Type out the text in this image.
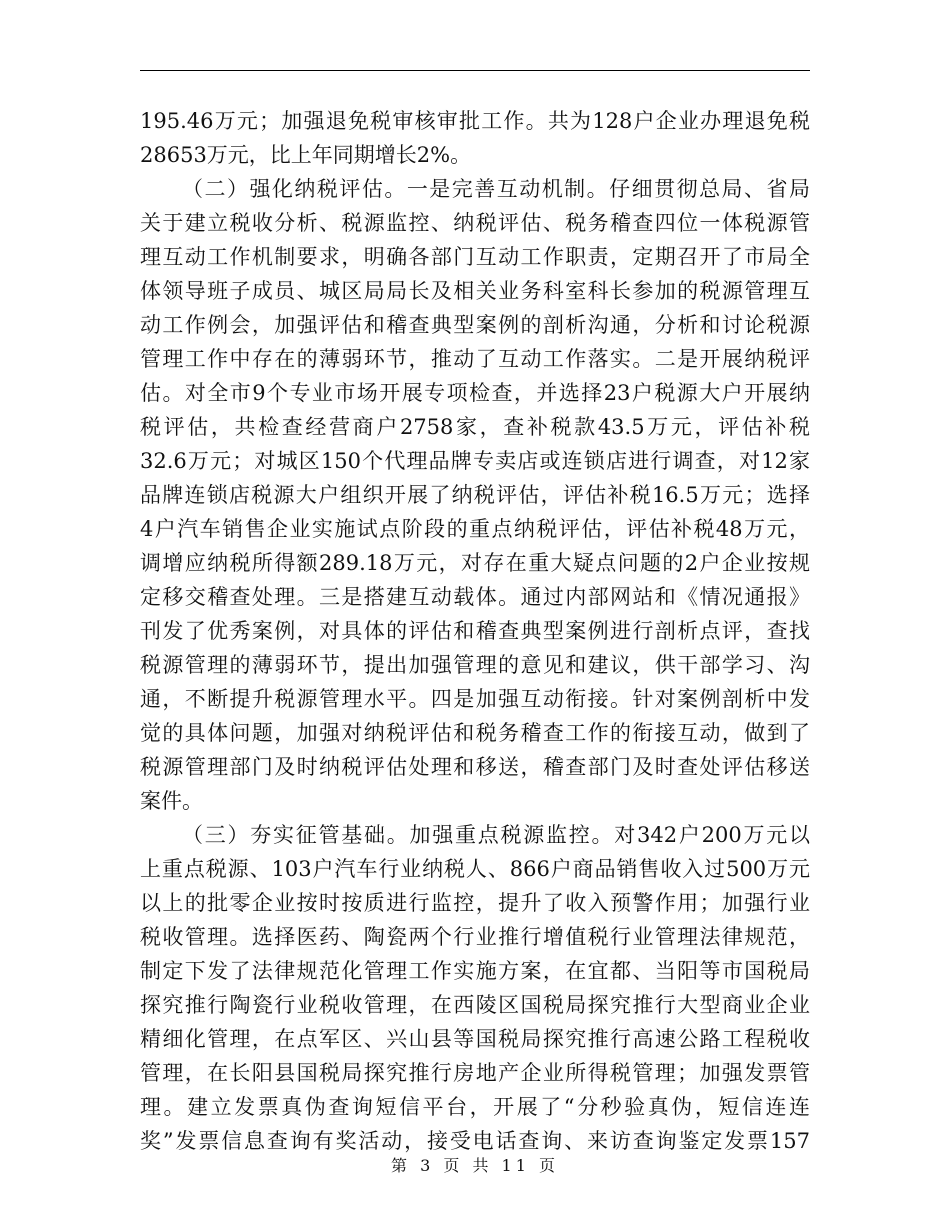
195.46万元；加强退免税审核审批工作。共为128户企业办理退免税
28653万元，比上年同期增长2%。
（二）强化纳税评估。一是完善互动机制。仔细贯彻总局、省局
关于建立税收分析、税源监控、纳税评估、税务稽查四位一体税源管
理互动工作机制要求，明确各部门互动工作职责，定期召开了市局全
体领导班子成员、城区局局长及相关业务科室科长参加的税源管理互
动工作例会，加强评估和稽查典型案例的剖析沟通，分析和讨论税源
管理工作中存在的薄弱环节，推动了互动工作落实。二是开展纳税评
估。对全市9个专业市场开展专项检查，并选择23户税源大户开展纳
税评估，共检查经营商户2758家，查补税款43.5万元，评估补税
32.6万元；对城区150个代理品牌专卖店或连锁店进行调查，对12家
品牌连锁店税源大户组织开展了纳税评估，评估补税16.5万元；选择
4户汽车销售企业实施试点阶段的重点纳税评估，评估补税48万元，
调增应纳税所得额289.18万元，对存在重大疑点问题的2户企业按规
定移交稽查处理。三是搭建互动载体。通过内部网站和《情况通报》
刊发了优秀案例，对具体的评估和稽查典型案例进行剖析点评，查找
税源管理的薄弱环节，提出加强管理的意见和建议，供干部学习、沟
通，不断提升税源管理水平。四是加强互动衔接。针对案例剖析中发
觉的具体问题，加强对纳税评估和税务稽查工作的衔接互动，做到了
税源管理部门及时纳税评估处理和移送，稽查部门及时查处评估移送
案件。
（三）夯实征管基础。加强重点税源监控。对342户200万元以
上重点税源、103户汽车行业纳税人、866户商品销售收入过500万元
以上的批零企业按时按质进行监控，提升了收入预警作用；加强行业
税收管理。选择医药、陶瓷两个行业推行增值税行业管理法律规范，
制定下发了法律规范化管理工作实施方案，在宜都、当阳等市国税局
探究推行陶瓷行业税收管理，在西陵区国税局探究推行大型商业企业
精细化管理，在点军区、兴山县等国税局探究推行高速公路工程税收
管理，在长阳县国税局探究推行房地产企业所得税管理；加强发票管
理。建立发票真伪查询短信平台，开展了“分秒验真伪，短信连连
奖”发票信息查询有奖活动，接受电话查询、来访查询鉴定发票157
第 3 页 共 11 页
